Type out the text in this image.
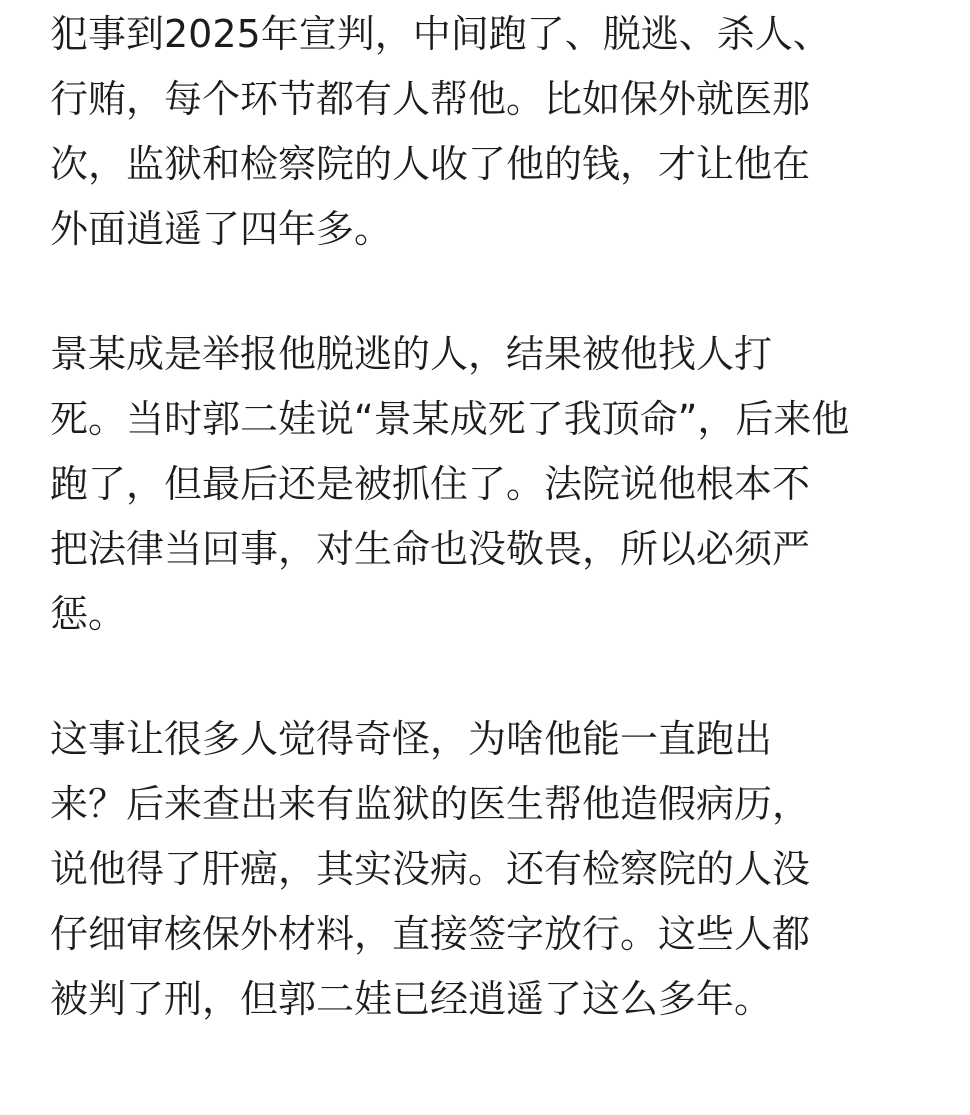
犯事到2025年宣判，中间跑了、脱逃、杀人、
行贿，每个环节都有人帮他。比如保外就医那
次，监狱和检察院的人收了他的钱，才让他在
外面逍遥了四年多。

景某成是举报他脱逃的人，结果被他找人打
死。当时郭二娃说“景某成死了我顶命”，后来他
跑了，但最后还是被抓住了。法院说他根本不
把法律当回事，对生命也没敬畏，所以必须严
惩。

这事让很多人觉得奇怪，为啥他能一直跑出
来？后来查出来有监狱的医生帮他造假病历，
说他得了肝癌，其实没病。还有检察院的人没
仔细审核保外材料，直接签字放行。这些人都
被判了刑，但郭二娃已经逍遥了这么多年。
